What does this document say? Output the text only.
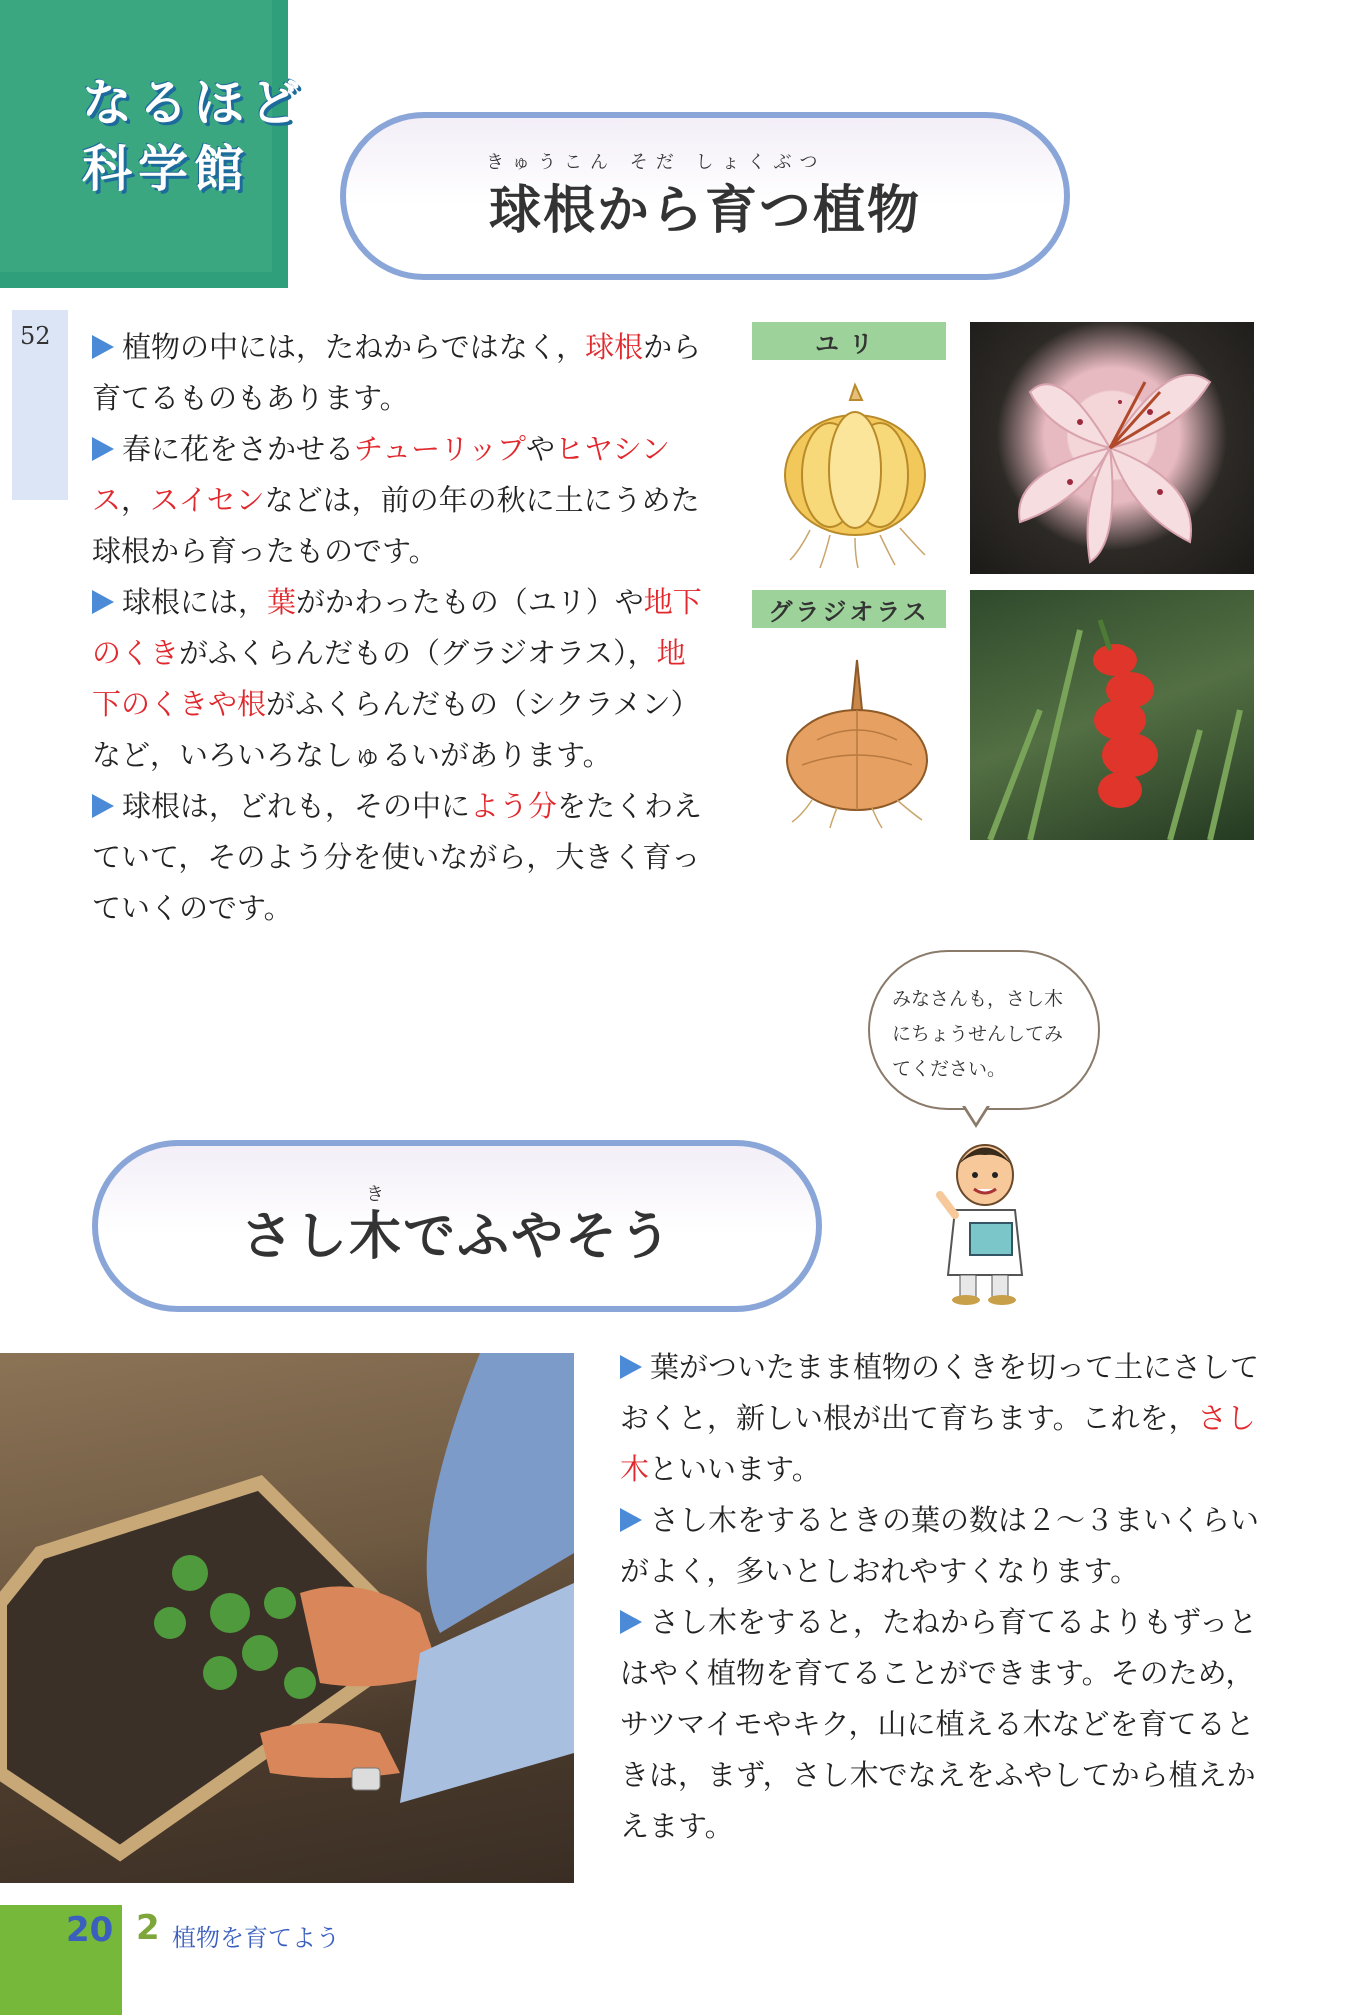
なるほど
科学館
球根から育つ植物
きゅうこん そだ しょくぶつ
52	植物の中には，たねからではなく，球根から育てるものもあります。

春に花をさかせるチューリップやヒヤシンス，スイセンなどは，前の年の秋に土にうめた球根から育ったものです。

球根には，葉がかわったもの（ユリ）や地下のくきがふくらんだもの（グラジオラス），地下のくきや根がふくらんだもの（シクラメン）など，いろいろなしゅるいがあります。

球根は，どれも，その中によう分をたくわえていて，そのよう分を使いながら，大きく育っていくのです。

ユリ
グラジオラス
みなさんも，さし木
にちょうせんしてみ
てください。
さし木でふやそう
き

葉がついたまま植物のくきを切って土にさしておくと，新しい根が出て育ちます。これを，さし木といいます。

さし木をするときの葉の数は２～３まいくらいがよく，多いとしおれやすくなります。

さし木をすると，たねから育てるよりもずっとはやく植物を育てることができます。そのため，サツマイモやキク，山に植える木などを育てるときは，まず，さし木でなえをふやしてから植えかえます。

20 2 植物を育てよう
